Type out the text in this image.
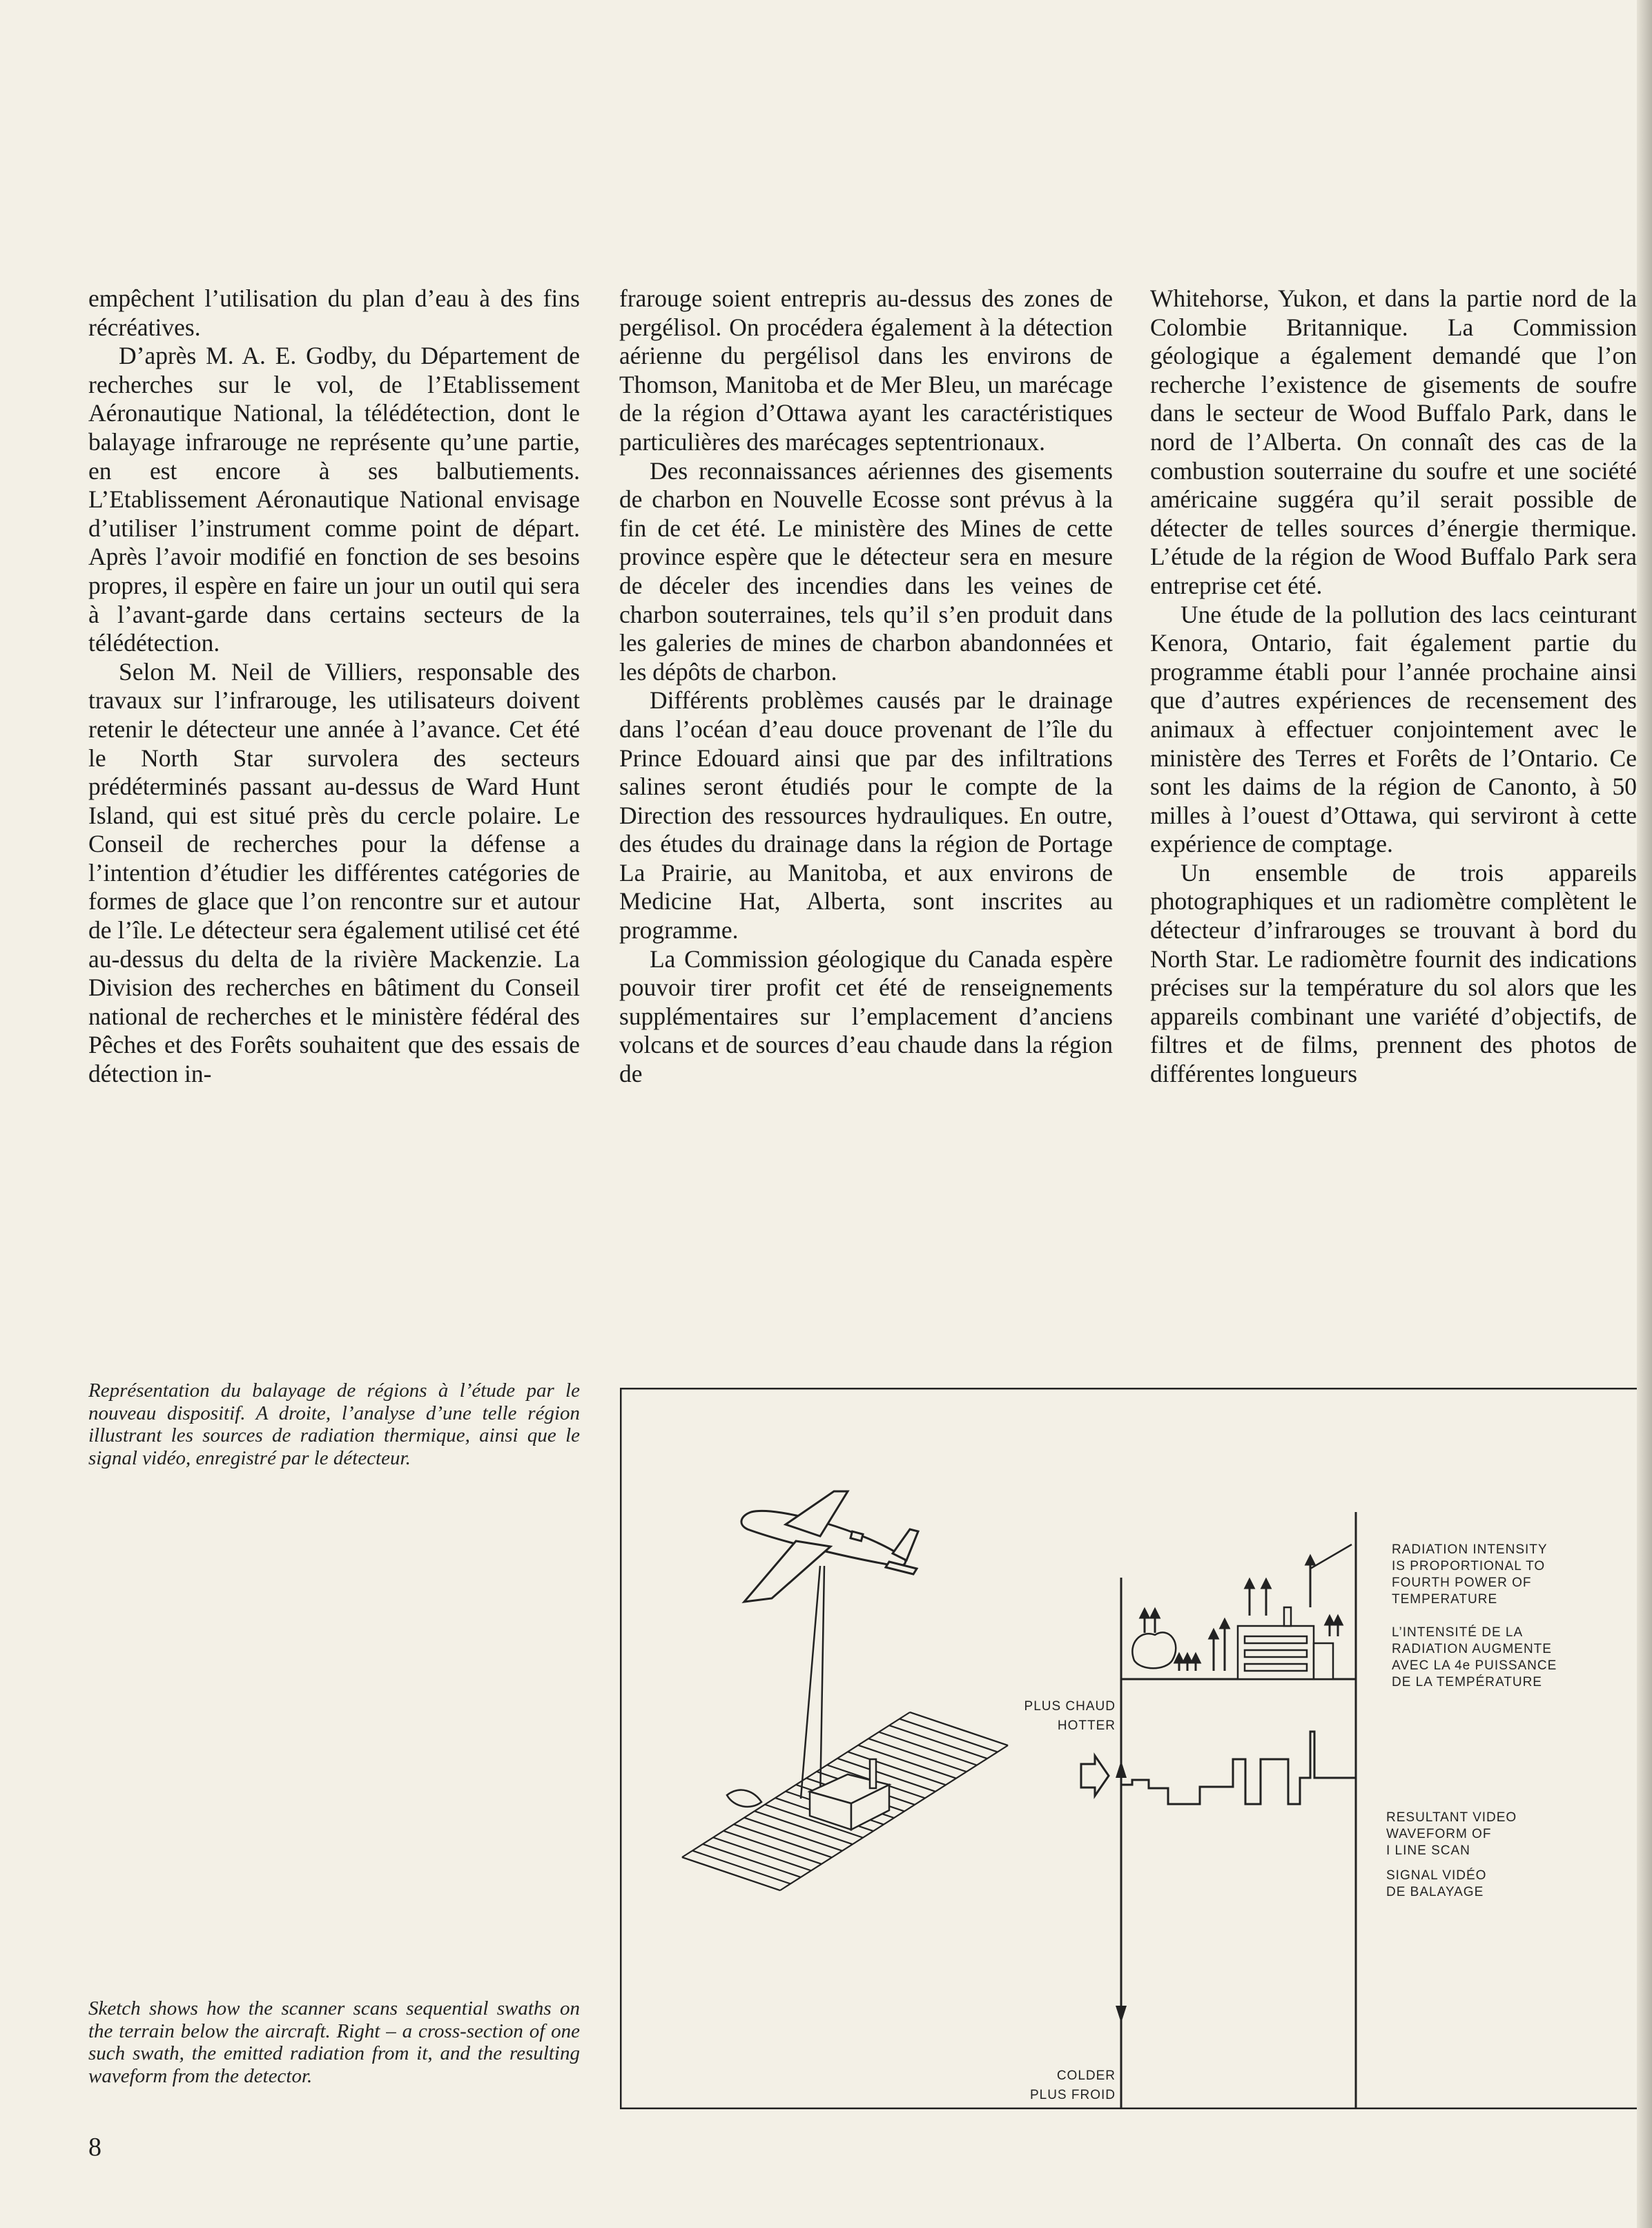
empêchent l’utilisation du plan d’eau à des fins récréatives.

D’après M. A. E. Godby, du Département de recherches sur le vol, de l’Etablissement Aéronautique National, la télédétection, dont le balayage infrarouge ne représente qu’une partie, en est encore à ses balbutiements. L’Etablissement Aéronautique National envisage d’utiliser l’instrument comme point de départ. Après l’avoir modifié en fonction de ses besoins propres, il espère en faire un jour un outil qui sera à l’avant-garde dans certains secteurs de la télédétection.

Selon M. Neil de Villiers, responsable des travaux sur l’infrarouge, les utilisateurs doivent retenir le détecteur une année à l’avance. Cet été le North Star survolera des secteurs prédéterminés passant au-dessus de Ward Hunt Island, qui est situé près du cercle polaire. Le Conseil de recherches pour la défense a l’intention d’étudier les différentes catégories de formes de glace que l’on rencontre sur et autour de l’île. Le détecteur sera également utilisé cet été au-dessus du delta de la rivière Mackenzie. La Division des recherches en bâtiment du Conseil national de recherches et le ministère fédéral des Pêches et des Forêts souhaitent que des essais de détection in-

frarouge soient entrepris au-dessus des zones de pergélisol. On procédera également à la détection aérienne du pergélisol dans les environs de Thomson, Manitoba et de Mer Bleu, un marécage de la région d’Ottawa ayant les caractéristiques particulières des marécages septentrionaux.

Des reconnaissances aériennes des gisements de charbon en Nouvelle Ecosse sont prévus à la fin de cet été. Le ministère des Mines de cette province espère que le détecteur sera en mesure de déceler des incendies dans les veines de charbon souterraines, tels qu’il s’en produit dans les galeries de mines de charbon abandonnées et les dépôts de charbon.

Différents problèmes causés par le drainage dans l’océan d’eau douce provenant de l’île du Prince Edouard ainsi que par des infiltrations salines seront étudiés pour le compte de la Direction des ressources hydrauliques. En outre, des études du drainage dans la région de Portage La Prairie, au Manitoba, et aux environs de Medicine Hat, Alberta, sont inscrites au programme.

La Commission géologique du Canada espère pouvoir tirer profit cet été de renseignements supplémentaires sur l’emplacement d’anciens volcans et de sources d’eau chaude dans la région de

Whitehorse, Yukon, et dans la partie nord de la Colombie Britannique. La Commission géologique a également demandé que l’on recherche l’existence de gisements de soufre dans le secteur de Wood Buffalo Park, dans le nord de l’Alberta. On connaît des cas de la combustion souterraine du soufre et une société américaine suggéra qu’il serait possible de détecter de telles sources d’énergie thermique. L’étude de la région de Wood Buffalo Park sera entreprise cet été.

Une étude de la pollution des lacs ceinturant Kenora, Ontario, fait également partie du programme établi pour l’année prochaine ainsi que d’autres expériences de recensement des animaux à effectuer conjointement avec le ministère des Terres et Forêts de l’Ontario. Ce sont les daims de la région de Canonto, à 50 milles à l’ouest d’Ottawa, qui serviront à cette expérience de comptage.

Un ensemble de trois appareils photographiques et un radiomètre complètent le détecteur d’infrarouges se trouvant à bord du North Star. Le radiomètre fournit des indications précises sur la température du sol alors que les appareils combinant une variété d’objectifs, de filtres et de films, prennent des photos de différentes longueurs

Représentation du balayage de régions à l’étude par le nouveau dispositif. A droite, l’analyse d’une telle région illustrant les sources de radiation thermique, ainsi que le signal vidéo, enregistré par le détecteur.
Sketch shows how the scanner scans sequential swaths on the terrain below the aircraft. Right – a cross-section of one such swath, the emitted radiation from it, and the resulting waveform from the detector.
RADIATION INTENSITY
IS PROPORTIONAL TO
FOURTH POWER OF
TEMPERATURE
L’INTENSITÉ DE LA
RADIATION AUGMENTE
AVEC LA 4e PUISSANCE
DE LA TEMPÉRATURE
PLUS CHAUD
HOTTER
COLDER
PLUS FROID
RESULTANT VIDEO
WAVEFORM OF
I LINE SCAN
SIGNAL VIDÉO
DE BALAYAGE
8
